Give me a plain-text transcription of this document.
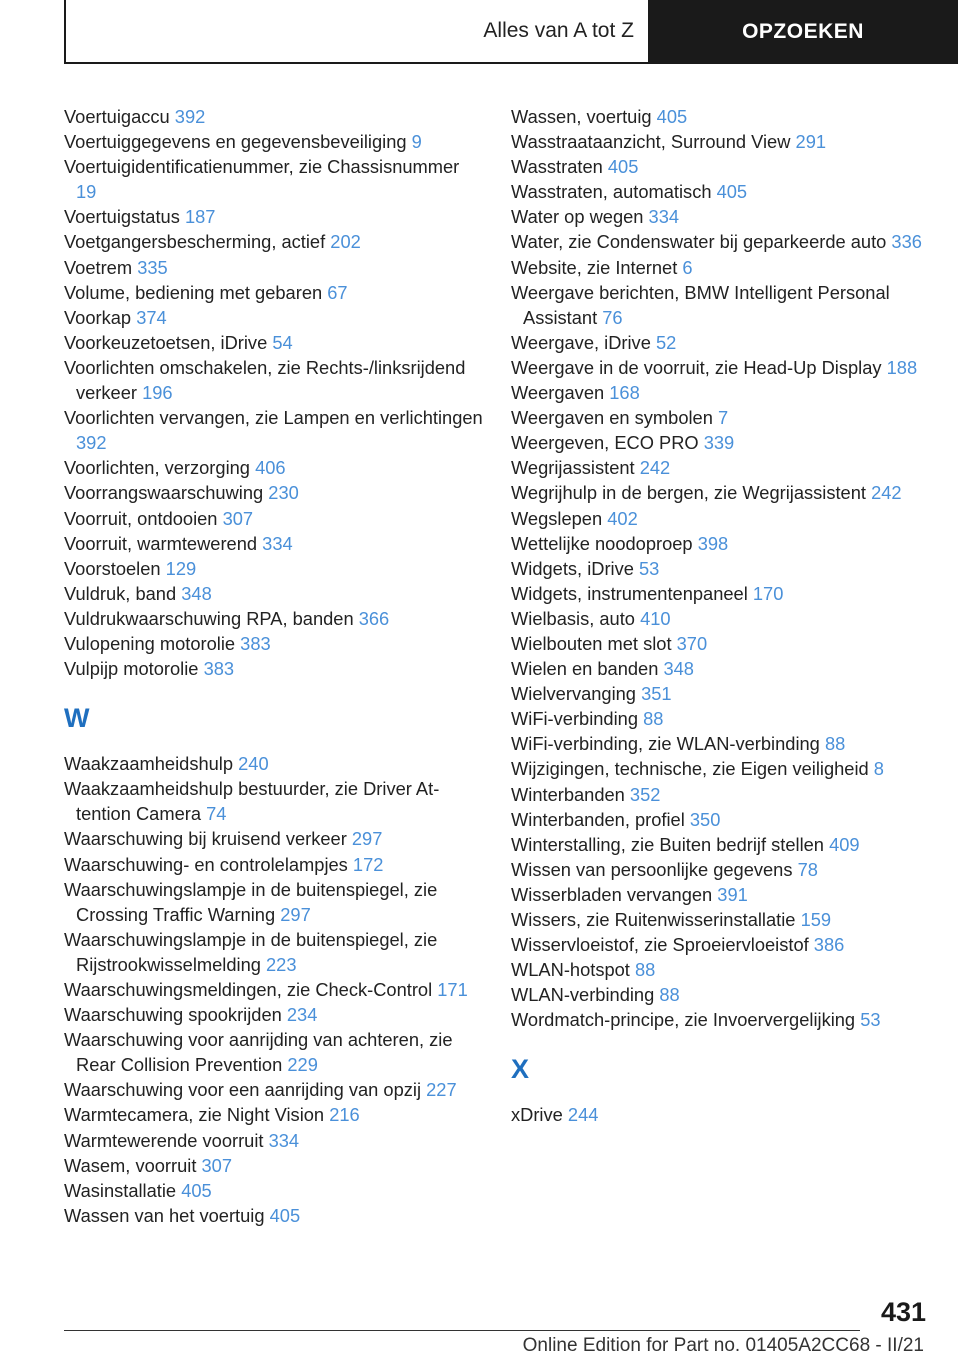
Alles van A tot Z	OPZOEKEN
Voertuigaccu 392
Voertuiggegevens en gegevensbeveiliging 9
Voertuigidentificatienummer, zie Chassisnummer 19
Voertuigstatus 187
Voetgangersbescherming, actief 202
Voetrem 335
Volume, bediening met gebaren 67
Voorkap 374
Voorkeuzetoetsen, iDrive 54
Voorlichten omschakelen, zie Rechts-/linksrijdend verkeer 196
Voorlichten vervangen, zie Lampen en verlichtingen 392
Voorlichten, verzorging 406
Voorrangswaarschuwing 230
Voorruit, ontdooien 307
Voorruit, warmtewerend 334
Voorstoelen 129
Vuldruk, band 348
Vuldrukwaarschuwing RPA, banden 366
Vulopening motorolie 383
Vulpijp motorolie 383
W
Waakzaamheidshulp 240
Waakzaamheidshulp bestuurder, zie Driver Attention Camera 74
Waarschuwing bij kruisend verkeer 297
Waarschuwing- en controlelampjes 172
Waarschuwingslampje in de buitenspiegel, zie Crossing Traffic Warning 297
Waarschuwingslampje in de buitenspiegel, zie Rijstrookwisselmelding 223
Waarschuwingsmeldingen, zie Check-Control 171
Waarschuwing spookrijden 234
Waarschuwing voor aanrijding van achteren, zie Rear Collision Prevention 229
Waarschuwing voor een aanrijding van opzij 227
Warmtecamera, zie Night Vision 216
Warmtewerende voorruit 334
Wasem, voorruit 307
Wasinstallatie 405
Wassen van het voertuig 405
Wassen, voertuig 405
Wasstraataanzicht, Surround View 291
Wasstraten 405
Wasstraten, automatisch 405
Water op wegen 334
Water, zie Condenswater bij geparkeerde auto 336
Website, zie Internet 6
Weergave berichten, BMW Intelligent Personal Assistant 76
Weergave, iDrive 52
Weergave in de voorruit, zie Head-Up Display 188
Weergaven 168
Weergaven en symbolen 7
Weergeven, ECO PRO 339
Wegrijassistent 242
Wegrijhulp in de bergen, zie Wegrijassistent 242
Wegslepen 402
Wettelijke noodoproep 398
Widgets, iDrive 53
Widgets, instrumentenpaneel 170
Wielbasis, auto 410
Wielbouten met slot 370
Wielen en banden 348
Wielvervanging 351
WiFi-verbinding 88
WiFi-verbinding, zie WLAN-verbinding 88
Wijzigingen, technische, zie Eigen veiligheid 8
Winterbanden 352
Winterbanden, profiel 350
Winterstalling, zie Buiten bedrijf stellen 409
Wissen van persoonlijke gegevens 78
Wisserbladen vervangen 391
Wissers, zie Ruitenwisserinstallatie 159
Wisservloeistof, zie Sproeiervloeistof 386
WLAN-hotspot 88
WLAN-verbinding 88
Wordmatch-principe, zie Invoervergelijking 53
X
xDrive 244
431
Online Edition for Part no. 01405A2CC68 - II/21
